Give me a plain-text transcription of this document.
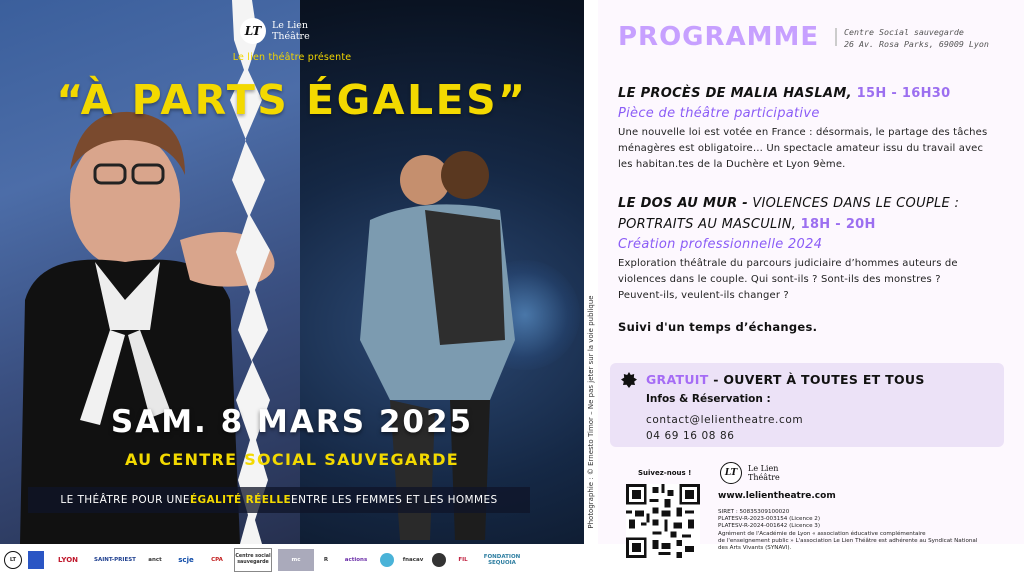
LT	Le Lien
Théâtre
Le lien théâtre présente
“À PARTS ÉGALES”
SAM. 8 MARS 2025
AU CENTRE SOCIAL SAUVEGARDE
LE THÉÂTRE POUR UNE ÉGALITÉ RÉELLE ENTRE LES FEMMES ET LES HOMMES	Photographie : © Ernesto Timor – Ne pas jeter sur la voie publique
PROGRAMME	Centre Social sauvegarde
26 Av. Rosa Parks, 69009 Lyon
LE PROCÈS DE MALIA HASLAM, 15H - 16H30
Pièce de théâtre participative
Une nouvelle loi est votée en France : désormais, le partage des tâches
ménagères est obligatoire… Un spectacle amateur issu du travail avec
les habitan.tes de la Duchère et Lyon 9ème.
LE DOS AU MUR - VIOLENCES DANS LE COUPLE :
PORTRAITS AU MASCULIN, 18H - 20H
Création professionnelle 2024
Exploration théâtrale du parcours judiciaire d’hommes auteurs de
violences dans le couple. Qui sont-ils ? Sont-ils des monstres ?
Peuvent-ils, veulent-ils changer ?
Suivi d'un temps d’échanges.
GRATUIT - OUVERT À TOUTES ET TOUS
Infos & Réservation :
contact@lelientheatre.com
04 69 16 08 86
Suivez-nous !	LT	Le Lien
Théâtre
www.lelientheatre.com
SIRET : 50835309100020
PLATESV-R-2023-003154 (Licence 2)
PLATESV-R-2024-001642 (Licence 3)
Agrément de l'Académie de Lyon « association éducative complémentaire
de l'enseignement public » L'association Le Lien Théâtre est adhérente au Syndicat National
des Arts Vivants (SYNAVI).
LT	LYON	SAINT-PRIEST	anct	scje	CPA
Centre social sauvegarde	mc	R	actions	fnacav	FIL	FONDATION SEQUOIA
